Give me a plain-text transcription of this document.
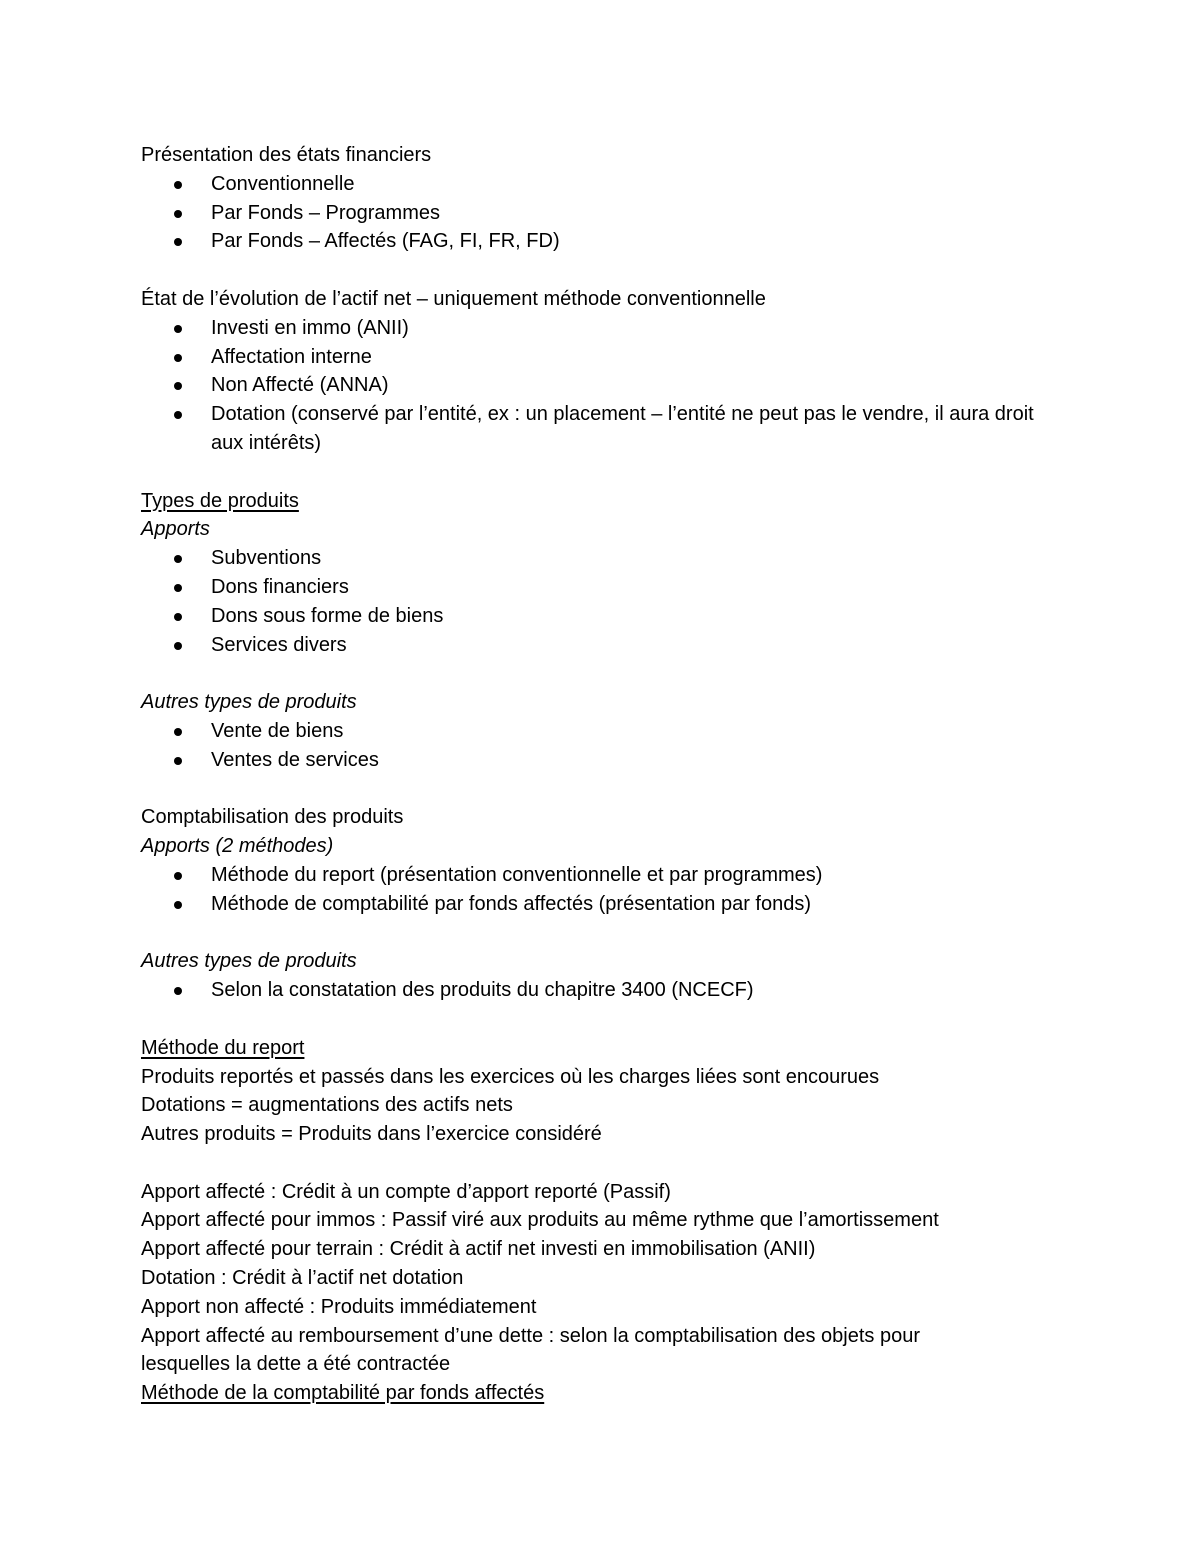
Présentation des états financiers

Conventionnelle
Par Fonds – Programmes
Par Fonds – Affectés (FAG, FI, FR, FD)

État de l’évolution de l’actif net – uniquement méthode conventionnelle

Investi en immo (ANII)
Affectation interne
Non Affecté (ANNA)
Dotation (conservé par l’entité, ex : un placement – l’entité ne peut pas le vendre, il aura droit aux intérêts)

Types de produits

Apports

Subventions
Dons financiers
Dons sous forme de biens
Services divers

Autres types de produits

Vente de biens
Ventes de services

Comptabilisation des produits

Apports (2 méthodes)

Méthode du report (présentation conventionnelle et par programmes)
Méthode de comptabilité par fonds affectés (présentation par fonds)

Autres types de produits

Selon la constatation des produits du chapitre 3400 (NCECF)

Méthode du report

Produits reportés et passés dans les exercices où les charges liées sont encourues

Dotations = augmentations des actifs nets

Autres produits = Produits dans l’exercice considéré

Apport affecté : Crédit à un compte d’apport reporté (Passif)

Apport affecté pour immos : Passif viré aux produits au même rythme que l’amortissement

Apport affecté pour terrain : Crédit à actif net investi en immobilisation (ANII)

Dotation : Crédit à l’actif net dotation

Apport non affecté : Produits immédiatement

Apport affecté au remboursement d’une dette : selon la comptabilisation des objets pour

lesquelles la dette a été contractée

Méthode de la comptabilité par fonds affectés
